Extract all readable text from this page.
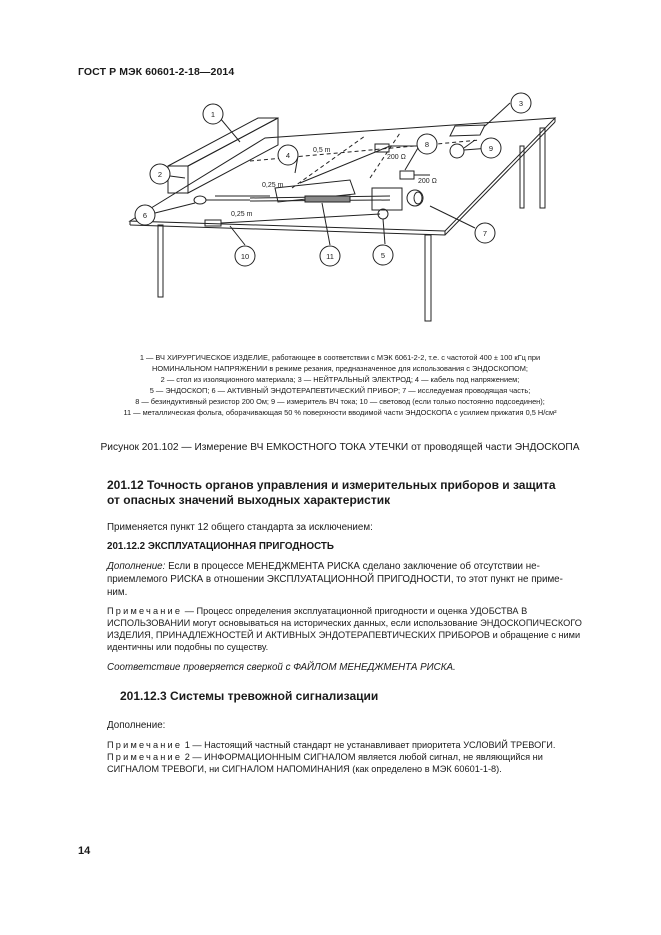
ГОСТ Р МЭК 60601-2-18—2014
1
2
3
4
5
6
7
8	9
10	11
0,5 m
0,25 m
0,25 m
200 Ω
200 Ω
1 — ВЧ ХИРУРГИЧЕСКОЕ ИЗДЕЛИЕ, работающее в соответствии с МЭК 6061-2-2, т.е. с частотой 400 ± 100 кГц при
НОМИНАЛЬНОМ НАПРЯЖЕНИИ в режиме резания, предназначенное для использования с ЭНДОСКОПОМ;
2 — стол из изоляционного материала; 3 — НЕЙТРАЛЬНЫЙ ЭЛЕКТРОД; 4 — кабель под напряжением;
5 — ЭНДОСКОП; 6 — АКТИВНЫЙ ЭНДОТЕРАПЕВТИЧЕСКИЙ ПРИБОР; 7 — исследуемая проводящая часть;
8 — безиндуктивный резистор 200 Ом; 9 — измеритель ВЧ тока; 10 — световод (если только постоянно подсоединен);
11 — металлическая фольга, оборачивающая 50 % поверхности вводимой части ЭНДОСКОПА с усилием прижатия 0,5 Н/см²
Рисунок 201.102 — Измерение ВЧ ЕМКОСТНОГО ТОКА УТЕЧКИ от проводящей части ЭНДОСКОПА
201.12 Точность органов управления и измерительных приборов и защита
от опасных значений выходных характеристик
Применяется пункт 12 общего стандарта за исключением:
201.12.2 ЭКСПЛУАТАЦИОННАЯ ПРИГОДНОСТЬ
Дополнение: Если в процессе МЕНЕДЖМЕНТА РИСКА сделано заключение об отсутствии не-
приемлемого РИСКА в отношении ЭКСПЛУАТАЦИОННОЙ ПРИГОДНОСТИ, то этот пункт не приме-
ним.
Примечание — Процесс определения эксплуатационной пригодности и оценка УДОБСТВА В
ИСПОЛЬЗОВАНИИ могут основываться на исторических данных, если использование ЭНДОСКОПИЧЕСКОГО
ИЗДЕЛИЯ, ПРИНАДЛЕЖНОСТЕЙ И АКТИВНЫХ ЭНДОТЕРАПЕВТИЧЕСКИХ ПРИБОРОВ и обращение с ними
идентичны или подобны по существу.
Соответствие проверяется сверкой с ФАЙЛОМ МЕНЕДЖМЕНТА РИСКА.
201.12.3 Системы тревожной сигнализации
Дополнение:
Примечание 1 — Настоящий частный стандарт не устанавливает приоритета УСЛОВИЙ ТРЕВОГИ.
Примечание 2 — ИНФОРМАЦИОННЫМ СИГНАЛОМ является любой сигнал, не являющийся ни
СИГНАЛОМ ТРЕВОГИ, ни СИГНАЛОМ НАПОМИНАНИЯ (как определено в МЭК 60601-1-8).
14
